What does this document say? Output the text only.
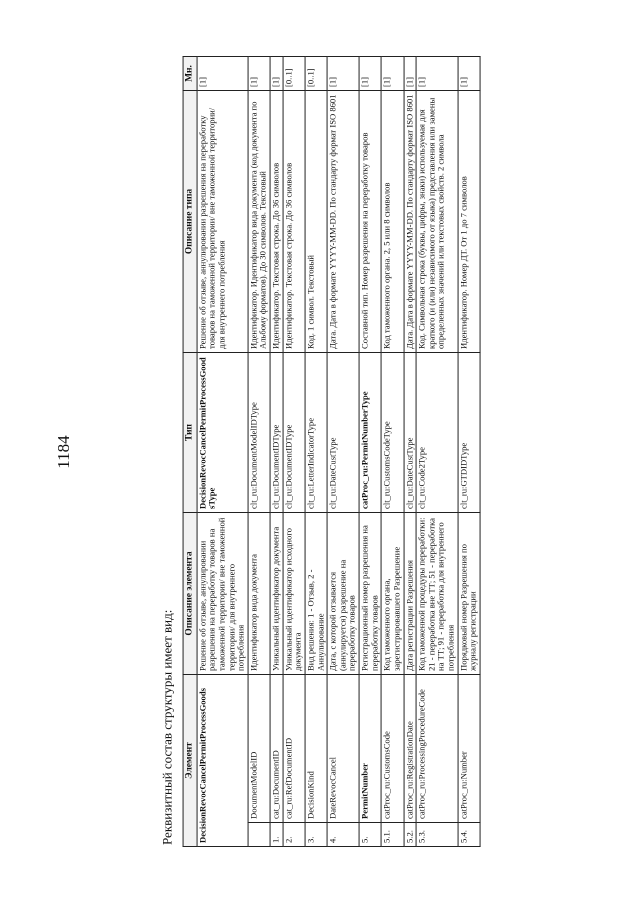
1184
Реквизитный состав структуры имеет вид: Элемент		Описание элемента	Тип	Описание типа	Мн.
DecisionRevocCancelPermitProcessGoods		Решение об отзыве, аннулировании разрешения на переработку товаров на таможенной территории/ вне таможенной территории/ для внутреннего потребления	DecisionRevocCancelPermitProcessGoodsType	Решение об отзыве, аннулировании разрешения на переработку товаров на таможенной территории/ вне таможенной территории/ для внутреннего потребления	[1]
	DocumentModelID	Идентификатор вида документа	clt_ru:DocumentModelIDType	Идентификатор. Идентификатор вида документа (код документа по Альбому форматов). До 30 символов. Текстовый	[1]
1.	cat_ru:DocumentID	Уникальный идентификатор документа	clt_ru:DocumentIDType	Идентификатор. Текстовая строка. До 36 символов	[1]
2.	cat_ru:RefDocumentID	Уникальный идентификатор исходного документа	clt_ru:DocumentIDType	Идентификатор. Текстовая строка. До 36 символов	[0..1]
3.	DecisionKind	Вид решения: 1 - Отзыв, 2 - Аннулирование	clt_ru:LetterIndicatorType	Код. 1 символ. Текстовый	[0..1]
4.	DateRevocCancel	Дата, с которой отзывается (аннулируется) разрешение на переработку товаров	clt_ru:DateCustType	Дата. Дата в формате YYYY-MM-DD. По стандарту формат ISO 8601	[1]
5.	PermitNumber	Регистрационный номер разрешения на переработку товаров	catProc_ru:PermitNumberType	Составной тип. Номер разрешения на переработку товаров	[1]
5.1.	catProc_ru:CustomsCode	Код таможенного органа, зарегистрировавшего Разрешение	clt_ru:CustomsCodeType	Код таможенного органа. 2, 5 или 8 символов	[1]
5.2.	catProc_ru:RegistrationDate	Дата регистрации Разрешения	clt_ru:DateCustType	Дата. Дата в формате YYYY-MM-DD. По стандарту формат ISO 8601	[1]
5.3.	catProc_ru:ProcessingProcedureCode	Код таможенной процедуры переработки: 21 - переработка вне ТТ; 51 - переработка на ТТ; 91 - переработка для внутреннего потребления	clt_ru:Code2Type	Код. Символьная строка (буквы, цифры, знаки) используемая для краткого (и (или) независимого от языка) представления или замены определенных значений или текстовых свойств. 2 символа	[1]
5.4.	catProc_ru:Number	Порядковый номер Разрешения по журналу регистрации	clt_ru:GTDIDType	Идентификатор. Номер ДТ. От 1 до 7 символов	[1]
